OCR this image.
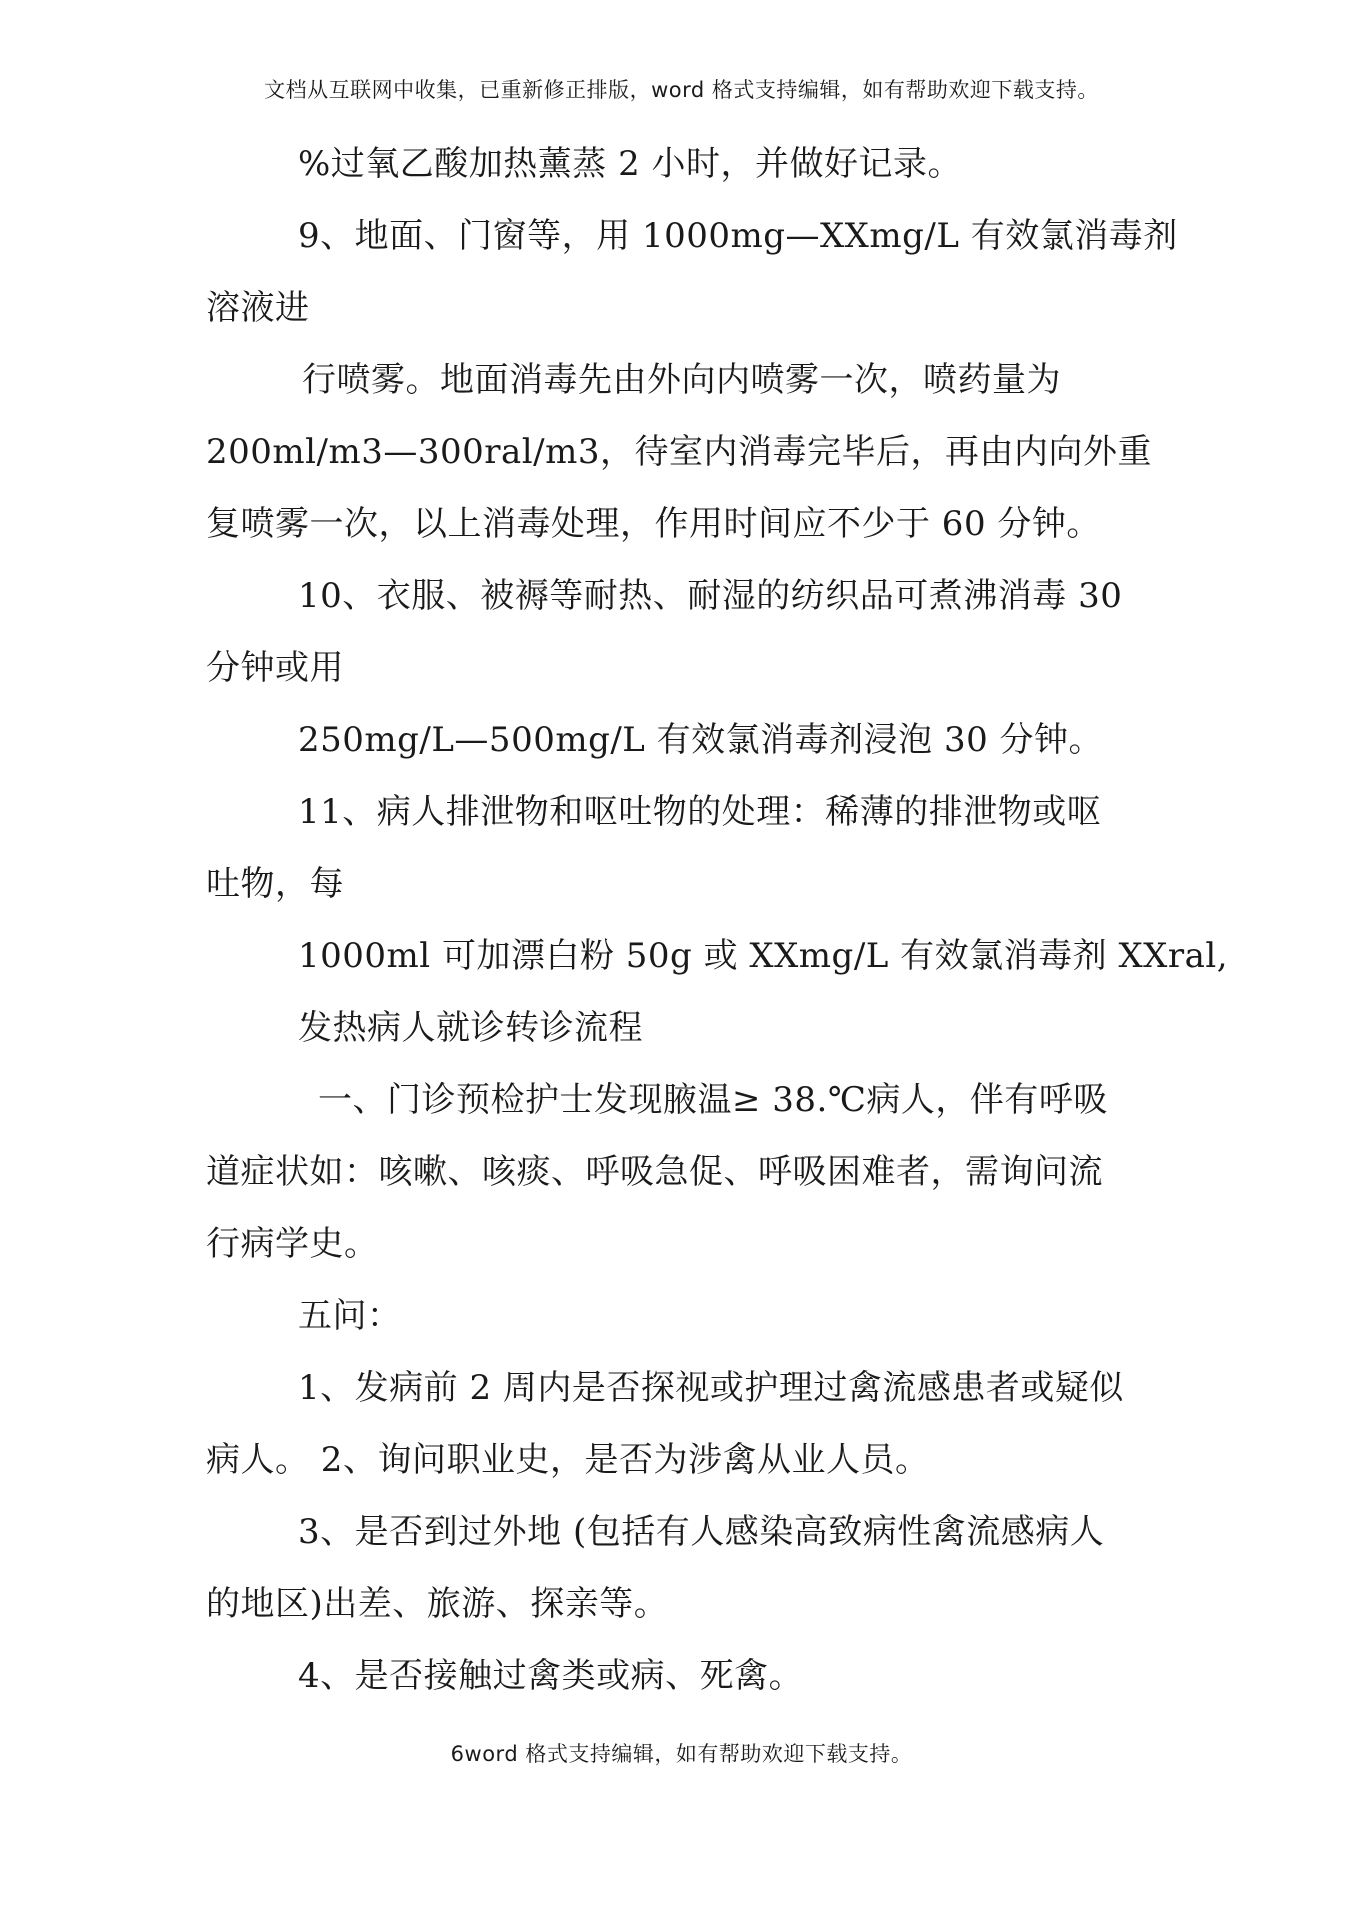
文档从互联网中收集，已重新修正排版，word 格式支持编辑，如有帮助欢迎下载支持。
%过氧乙酸加热薰蒸 2 小时，并做好记录。
9、地面、门窗等，用 1000mg—XXmg/L 有效氯消毒剂
溶液进
行喷雾。地面消毒先由外向内喷雾一次，喷药量为
200ml/m3—300ral/m3，待室内消毒完毕后，再由内向外重
复喷雾一次，以上消毒处理，作用时间应不少于 60 分钟。
10、衣服、被褥等耐热、耐湿的纺织品可煮沸消毒 30
分钟或用
250mg/L—500mg/L 有效氯消毒剂浸泡 30 分钟。
11、病人排泄物和呕吐物的处理：稀薄的排泄物或呕
吐物，每
1000ml 可加漂白粉 50g 或 XXmg/L 有效氯消毒剂 XXral,
发热病人就诊转诊流程
一、门诊预检护士发现腋温≥ 38.℃病人，伴有呼吸
道症状如：咳嗽、咳痰、呼吸急促、呼吸困难者，需询问流
行病学史。
五问：
1、发病前 2 周内是否探视或护理过禽流感患者或疑似
病人。 2、询问职业史，是否为涉禽从业人员。
3、是否到过外地 (包括有人感染高致病性禽流感病人
的地区)出差、旅游、探亲等。
4、是否接触过禽类或病、死禽。
6word 格式支持编辑，如有帮助欢迎下载支持。
